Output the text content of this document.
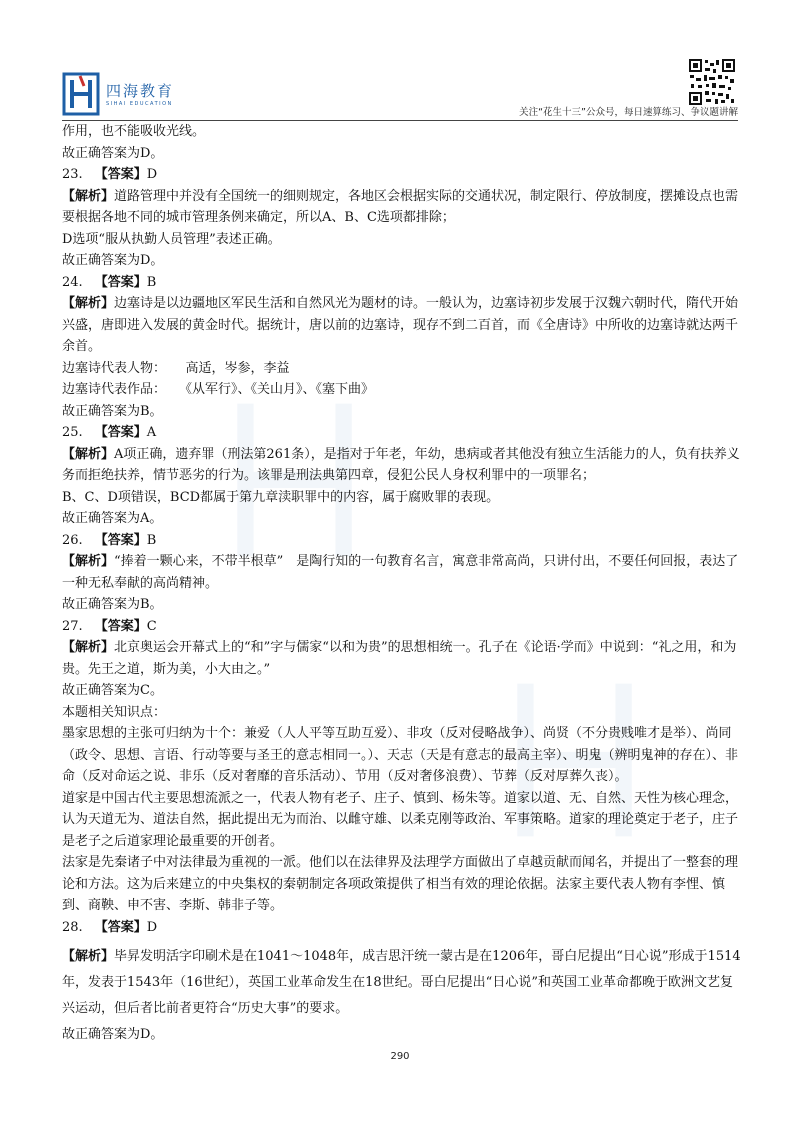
四海教育
SIHAI EDUCATION
关注“花生十三”公众号，每日速算练习、争议题讲解

作用，也不能吸收光线。

故正确答案为D。

23. 【答案】D

【解析】道路管理中并没有全国统一的细则规定，各地区会根据实际的交通状况，制定限行、停放制度，摆摊设点也需要根据各地不同的城市管理条例来确定，所以A、B、C选项都排除；

D选项“服从执勤人员管理”表述正确。

故正确答案为D。

24. 【答案】B

【解析】边塞诗是以边疆地区军民生活和自然风光为题材的诗。一般认为，边塞诗初步发展于汉魏六朝时代，隋代开始兴盛，唐即进入发展的黄金时代。据统计，唐以前的边塞诗，现存不到二百首，而《全唐诗》中所收的边塞诗就达两千余首。

边塞诗代表人物：　　高适，岑参，李益

边塞诗代表作品：　　《从军行》、《关山月》、《塞下曲》

故正确答案为B。

25. 【答案】A

【解析】A项正确，遗弃罪（刑法第261条），是指对于年老，年幼，患病或者其他没有独立生活能力的人，负有扶养义务而拒绝扶养，情节恶劣的行为。该罪是刑法典第四章，侵犯公民人身权利罪中的一项罪名；

B、C、D项错误，BCD都属于第九章渎职罪中的内容，属于腐败罪的表现。

故正确答案为A。

26. 【答案】B

【解析】“捧着一颗心来，不带半根草”　是陶行知的一句教育名言，寓意非常高尚，只讲付出，不要任何回报，表达了一种无私奉献的高尚精神。

故正确答案为B。

27. 【答案】C

【解析】北京奥运会开幕式上的“和”字与儒家“以和为贵”的思想相统一。孔子在《论语·学而》中说到：“礼之用，和为贵。先王之道，斯为美，小大由之。”

故正确答案为C。

本题相关知识点：

墨家思想的主张可归纳为十个：兼爱（人人平等互助互爱）、非攻（反对侵略战争）、尚贤（不分贵贱唯才是举）、尚同（政令、思想、言语、行动等要与圣王的意志相同一。）、天志（天是有意志的最高主宰）、明鬼（辨明鬼神的存在）、非命（反对命运之说、非乐（反对奢靡的音乐活动）、节用（反对奢侈浪费）、节葬（反对厚葬久丧）。

道家是中国古代主要思想流派之一，代表人物有老子、庄子、慎到、杨朱等。道家以道、无、自然、天性为核心理念，认为天道无为、道法自然，据此提出无为而治、以雌守雄、以柔克刚等政治、军事策略。道家的理论奠定于老子，庄子是老子之后道家理论最重要的开创者。

法家是先秦诸子中对法律最为重视的一派。他们以在法律界及法理学方面做出了卓越贡献而闻名，并提出了一整套的理论和方法。这为后来建立的中央集权的秦朝制定各项政策提供了相当有效的理论依据。法家主要代表人物有李悝、慎到、商鞅、申不害、李斯、韩非子等。

28. 【答案】D

【解析】毕昇发明活字印刷术是在1041～1048年，成吉思汗统一蒙古是在1206年，哥白尼提出“日心说”形成于1514年，发表于1543年（16世纪），英国工业革命发生在18世纪。哥白尼提出“日心说”和英国工业革命都晚于欧洲文艺复兴运动，但后者比前者更符合“历史大事”的要求。

故正确答案为D。

290
